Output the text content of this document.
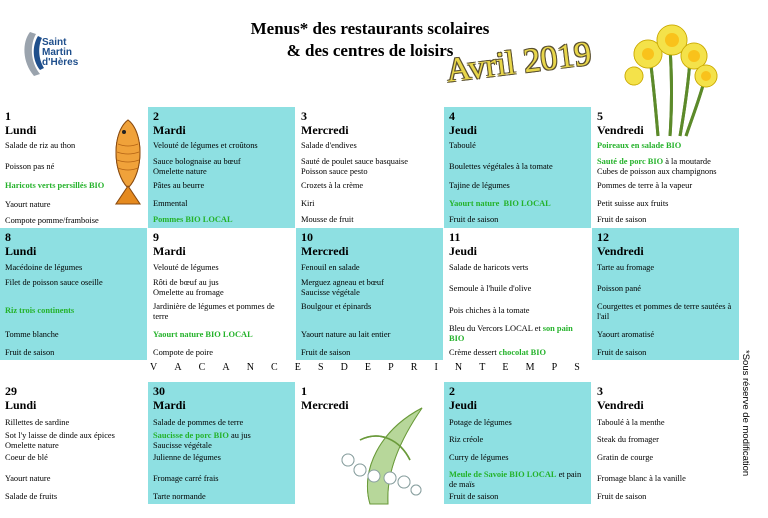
Saint
Martin
d'Hères
Menus* des restaurants scolaires
& des centres de loisirs
Avril 2019
1
Lundi
Salade de riz au thon
Poisson pas né
Haricots verts persillés BIO
Yaourt nature
Compote pomme/framboise
2
Mardi
Velouté de légumes et croûtons
Sauce bolognaise au bœuf
Omelette nature
Pâtes au beurre
Emmental
Pommes BIO LOCAL
3
Mercredi
Salade d'endives
Sauté de poulet sauce basquaise
Poisson sauce pesto
Crozets à la crème
Kiri
Mousse de fruit
4
Jeudi
Taboulé
Boulettes végétales à la tomate
Tajine de légumes
Yaourt nature BIO LOCAL
Fruit de saison
5
Vendredi
Poireaux en salade BIO
Sauté de porc BIO à la moutarde
Cubes de poisson aux champignons
Pommes de terre à la vapeur
Petit suisse aux fruits
Fruit de saison
8
Lundi
Macédoine de légumes
Filet de poisson sauce oseille
Riz trois continents
Tomme blanche
Fruit de saison
9
Mardi
Velouté de légumes
Rôti de bœuf au jus
Omelette au fromage
Jardinière de légumes et pommes de terre
Yaourt nature BIO LOCAL
Compote de poire
10
Mercredi
Fenouil en salade
Merguez agneau et bœuf
Saucisse végétale
Boulgour et épinards
Yaourt nature au lait entier
Fruit de saison
11
Jeudi
Salade de haricots verts
Semoule à l'huile d'olive
Pois chiches à la tomate
Bleu du Vercors LOCAL et son pain BIO
Crème dessert chocolat BIO
12
Vendredi
Tarte au fromage
Poisson pané
Courgettes et pommes de terre sautées à l'ail
Yaourt aromatisé
Fruit de saison
V A C A N C E S D E P R I N T E M P S
29
Lundi
Rillettes de sardine
Sot l'y laisse de dinde aux épices
Omelette nature
Coeur de blé
Yaourt nature
Salade de fruits
30
Mardi
Salade de pommes de terre
Saucisse de porc BIO au jus
Saucisse végétale
Julienne de légumes
Fromage carré frais
Tarte normande
1
Mercredi
2
Jeudi
Potage de légumes
Riz créole
Curry de légumes
Meule de Savoie BIO LOCAL et pain de maïs
Fruit de saison
3
Vendredi
Taboulé à la menthe
Steak du fromager
Gratin de courge
Fromage blanc à la vanille
Fruit de saison
*Sous réserve de modification
